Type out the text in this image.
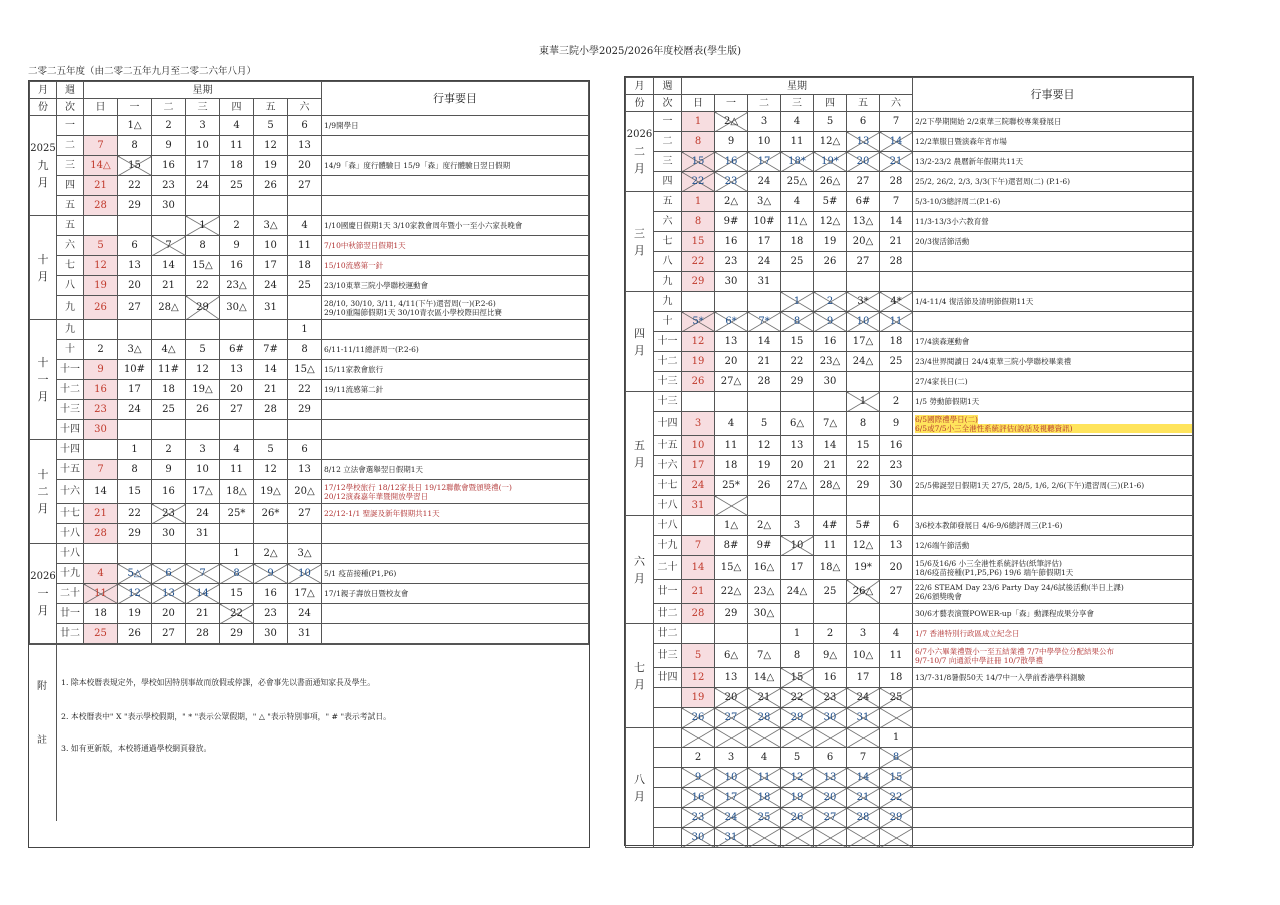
東華三院小學2025/2026年度校曆表(學生版)
二零二五年度（由二零二五年九月至二零二六年八月）
月	週	星期							行事要目
份	次	日	一	二	三	四	五	六	

2025
九
月	一		1△	2	3	4	5	6	1/9開學日

	二	7	8	9	10	11	12	13	

	三	14△	15	16	17	18	19	20	14/9「森」度行體驗日 15/9「森」度行體驗日翌日假期

	四	21	22	23	24	25	26	27	

	五	28	29	30					

十
月	五				1	2	3△	4	1/10國慶日假期1天 3/10家教會周年暨小一至小六家長晚會

	六	5	6	7	8	9	10	11	7/10中秋節翌日假期1天

	七	12	13	14	15△	16	17	18	15/10流感第一針

	八	19	20	21	22	23△	24	25	23/10東華三院小學聯校運動會

	九	26	27	28△	29	30△	31		28/10, 30/10, 3/11, 4/11(下午)還習周(一)(P.2-6)
29/10重陽節假期1天 30/10青衣區小學校際田徑比賽

十
一
月	九							1	

	十	2	3△	4△	5	6#	7#	8	6/11-11/11總評周一(P.2-6)

	十一	9	10#	11#	12	13	14	15△	15/11家教會旅行

	十二	16	17	18	19△	20	21	22	19/11流感第二針

	十三	23	24	25	26	27	28	29	

	十四	30							

十
二
月	十四		1	2	3	4	5	6	

	十五	7	8	9	10	11	12	13	8/12 立法會選舉翌日假期1天

	十六	14	15	16	17△	18△	19△	20△	17/12學校旅行 18/12家長日 19/12聯歡會暨頒獎禮(一)
20/12演森嘉年華暨開放學習日

	十七	21	22	23	24	25*	26*	27	22/12-1/1 聖誕及新年假期共11天

	十八	28	29	30	31				

2026
一
月	十八					1	2△	3△	

	十九	4	5△	6	7	8	9	10	5/1 疫苗接種(P1,P6)

	二十	11	12	13	14	15	16	17△	17/1親子壽放日暨校友會

	廿一	18	19	20	21	22	23	24	

	廿二	25	26	27	28	29	30	31	
附
註
1. 除本校曆表規定外，學校如因特別事故而放假或停課，必會事先以書面通知家長及學生。
2. 本校曆表中" X "表示學校假期，" * "表示公眾假期，" △ "表示特別事項，" # "表示考試日。
3. 如有更新版，本校將通過學校網頁發放。
月	週	星期							行事要目
份	次	日	一	二	三	四	五	六	

2026
二
月	一	1	2△	3	4	5	6	7	2/2下學期開始 2/2東華三院聯校專業發展日

	二	8	9	10	11	12△	13	14	12/2華服日暨演森年宵市場

	三	15	16	17	18*	19*	20	21	13/2-23/2 農曆新年假期共11天

	四	22	23	24	25△	26△	27	28	25/2, 26/2, 2/3, 3/3(下午)還習周(二) (P.1-6)

三
月	五	1	2△	3△	4	5#	6#	7	5/3-10/3總評周二(P.1-6)

	六	8	9#	10#	11△	12△	13△	14	11/3-13/3小六教育營

	七	15	16	17	18	19	20△	21	20/3復活節活動

	八	22	23	24	25	26	27	28	

	九	29	30	31					

四
月	九				1	2	3*	4*	1/4-11/4 復活節及清明節假期11天

	十	5*	6*	7*	8	9	10	11	

	十一	12	13	14	15	16	17△	18	17/4演森運動會

	十二	19	20	21	22	23△	24△	25	23/4世界閱讀日 24/4東華三院小學聯校畢業禮

	十三	26	27△	28	29	30			27/4家長日(二)

五
月	十三						1	2	1/5 勞動節假期1天

	十四	3	4	5	6△	7△	8	9	6/5國際禮學日(二)
6/5或7/5小三全港性系統評估(說話及視聽資訊)

	十五	10	11	12	13	14	15	16	

	十六	17	18	19	20	21	22	23	

	十七	24	25*	26	27△	28△	29	30	25/5佛誕翌日假期1天 27/5, 28/5, 1/6, 2/6(下午)還習周(三)(P.1-6)

	十八	31							

六
月	十八		1△	2△	3	4#	5#	6	3/6校本教師發展日 4/6-9/6總評周三(P.1-6)

	十九	7	8#	9#	10	11	12△	13	12/6端午節活動

	二十	14	15△	16△	17	18△	19*	20	15/6及16/6 小三全港性系統評估(紙筆評估)
18/6疫苗接種(P1,P5,P6) 19/6 端午節假期1天

	廿一	21	22△	23△	24△	25	26△	27	22/6 STEAM Day 23/6 Party Day 24/6試後活動(半日上課)
26/6頒獎晚會

	廿二	28	29	30△					30/6才藝表演暨POWER-up「森」動課程成果分享會

七
月	廿二				1	2	3	4	1/7 香港特別行政區成立紀念日

	廿三	5	6△	7△	8	9△	10△	11	6/7小六畢業禮暨小一至五結業禮 7/7中學學位分配結果公布
9/7-10/7 向通派中學註冊 10/7散學禮

	廿四	12	13	14△	15	16	17	18	13/7-31/8暑假50天 14/7中一入學前香港學科測驗

		19	20	21	22	23	24	25	

		26	27	28	29	30	31		

八
月								1	

		2	3	4	5	6	7	8	

		9	10	11	12	13	14	15	

		16	17	18	19	20	21	22	

		23	24	25	26	27	28	29	

		30	31						
